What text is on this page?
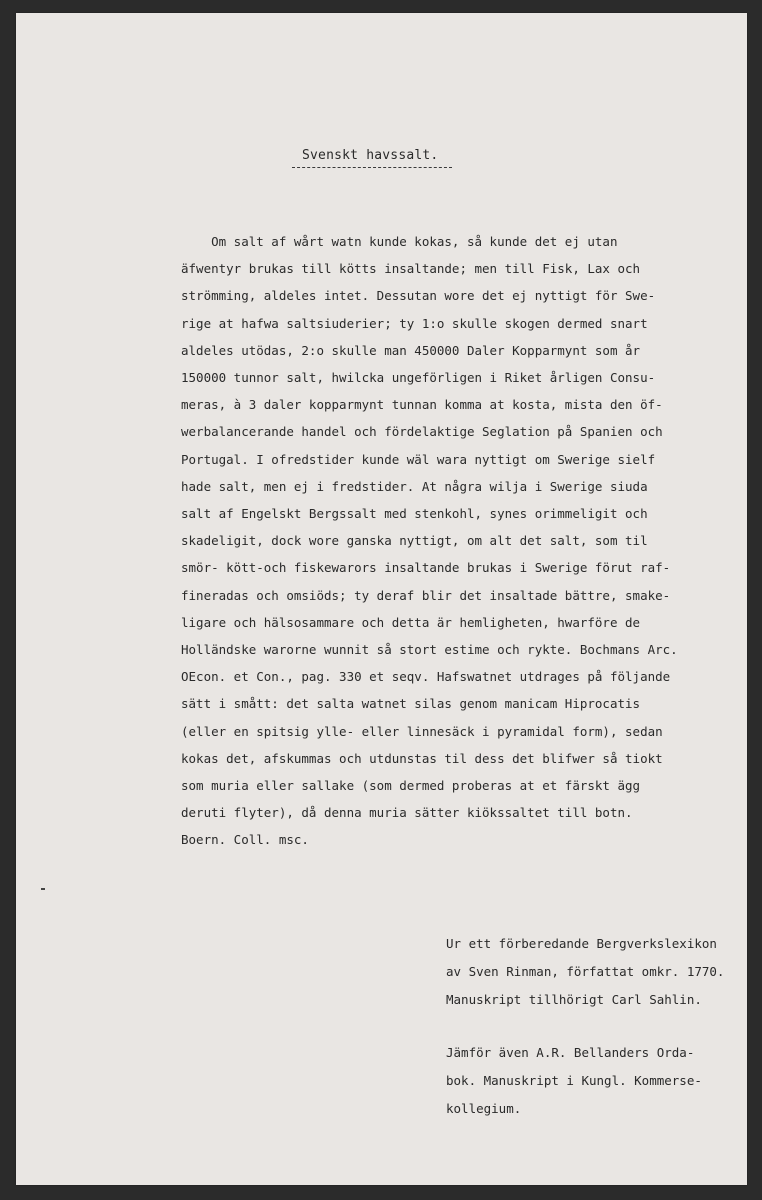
Svenskt havssalt.
Om salt af wårt watn kunde kokas, så kunde det ej utan
äfwentyr brukas till kötts insaltande; men till Fisk, Lax och
strömming, aldeles intet. Dessutan wore det ej nyttigt för Swe-
rige at hafwa saltsiuderier; ty 1:o skulle skogen dermed snart
aldeles utödas, 2:o skulle man 450000 Daler Kopparmynt som år
150000 tunnor salt, hwilcka ungeförligen i Riket årligen Consu-
meras, à 3 daler kopparmynt tunnan komma at kosta, mista den öf-
werbalancerande handel och fördelaktige Seglation på Spanien och
Portugal. I ofredstider kunde wäl wara nyttigt om Swerige sielf
hade salt, men ej i fredstider. At några wilja i Swerige siuda
salt af Engelskt Bergssalt med stenkohl, synes orimmeligit och
skadeligit, dock wore ganska nyttigt, om alt det salt, som til
smör- kött-och fiskewarors insaltande brukas i Swerige förut raf-
fineradas och omsiöds; ty deraf blir det insaltade bättre, smake-
ligare och hälsosammare och detta är hemligheten, hwarföre de
Holländske warorne wunnit så stort estime och rykte. Bochmans Arc.
OEcon. et Con., pag. 330 et seqv. Hafswatnet utdrages på följande
sätt i smått: det salta watnet silas genom manicam Hiprocatis
(eller en spitsig ylle- eller linnesäck i pyramidal form), sedan
kokas det, afskummas och utdunstas til dess det blifwer så tiokt
som muria eller sallake (som dermed proberas at et färskt ägg
deruti flyter), då denna muria sätter kiökssaltet till botn.
Boern. Coll. msc.
Ur ett förberedande Bergverkslexikon
av Sven Rinman, författat omkr. 1770.
Manuskript tillhörigt Carl Sahlin.
Jämför även A.R. Bellanders Orda-
bok. Manuskript i Kungl. Kommerse-
kollegium.
